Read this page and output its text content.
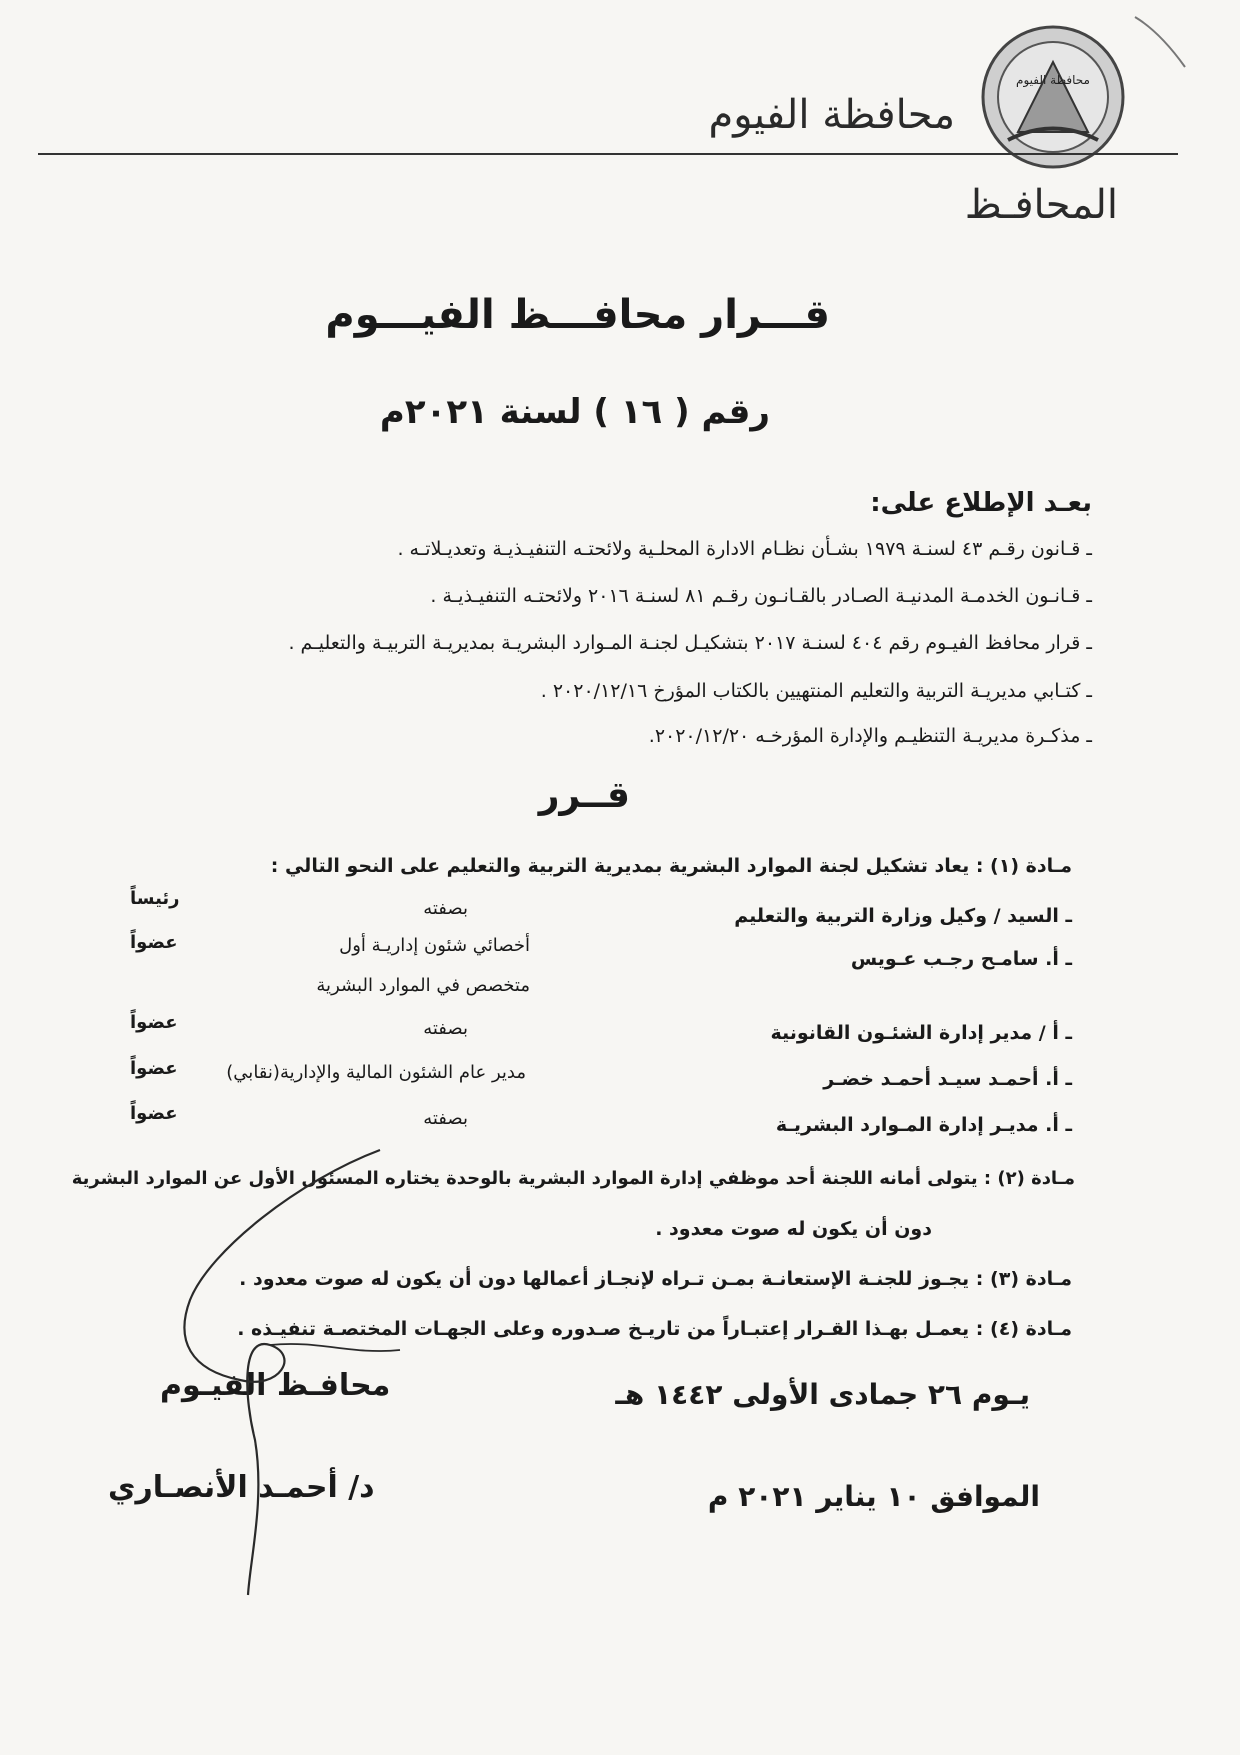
محافظة الفيوم
محافظة الفيوم
المحافـظ
قـــرار محافـــظ الفيـــوم
رقم ( ١٦ ) لسنة ٢٠٢١م
بعـد الإطلاع على:
ـ قـانون رقـم ٤٣ لسنـة ١٩٧٩ بشـأن نظـام الادارة المحلـية ولائحتـه التنفيـذيـة وتعديـلاتـه .
ـ قـانـون الخدمـة المدنيـة الصـادر بالقـانـون رقـم ٨١ لسنـة ٢٠١٦ ولائحتـه التنفيـذيـة .
ـ قرار محافظ الفيـوم رقم ٤٠٤ لسنـة ٢٠١٧ بتشكيـل لجنـة المـوارد البشريـة بمديريـة التربيـة والتعليـم .
ـ كتـابي مديريـة التربية والتعليم المنتهيين بالكتاب المؤرخ ٢٠٢٠/١٢/١٦ .
ـ مذكـرة مديريـة التنظيـم والإدارة المؤرخـه ٢٠٢٠/١٢/٢٠.
قــرر
مـادة (١) : يعاد تشكيل لجنة الموارد البشرية بمديرية التربية والتعليم على النحو التالي :
ـ السيد / وكيل وزارة التربية والتعليم
بصفته
رئيساً
ـ أ. سامـح رجـب عـويس
أخصائي شئون إداريـة أول
متخصص في الموارد البشرية
عضواً
ـ أ / مدير إدارة الشئـون القانونية
بصفته
عضواً
ـ أ. أحمـد سيـد أحمـد خضـر
مدير عام الشئون المالية والإدارية(نقابي)
عضواً
ـ أ. مديـر إدارة المـوارد البشريـة
بصفته
عضواً
مـادة (٢) : يتولى أمانه اللجنة أحد موظفي إدارة الموارد البشرية بالوحدة يختاره المسئول الأول عن الموارد البشرية
دون أن يكون له صوت معدود .
مـادة (٣) : يجـوز للجنـة الإستعانـة بمـن تـراه لإنجـاز أعمالها دون أن يكون له صوت معدود .
مـادة (٤) : يعمـل بهـذا القـرار إعتبـاراً من تاريـخ صـدوره وعلى الجهـات المختصـة تنفيـذه .
محافـظ الفيـوم
د/ أحمـد الأنصـاري
يـوم ٢٦ جمادى الأولى ١٤٤٢ هـ
الموافق ١٠ يناير ٢٠٢١ م
